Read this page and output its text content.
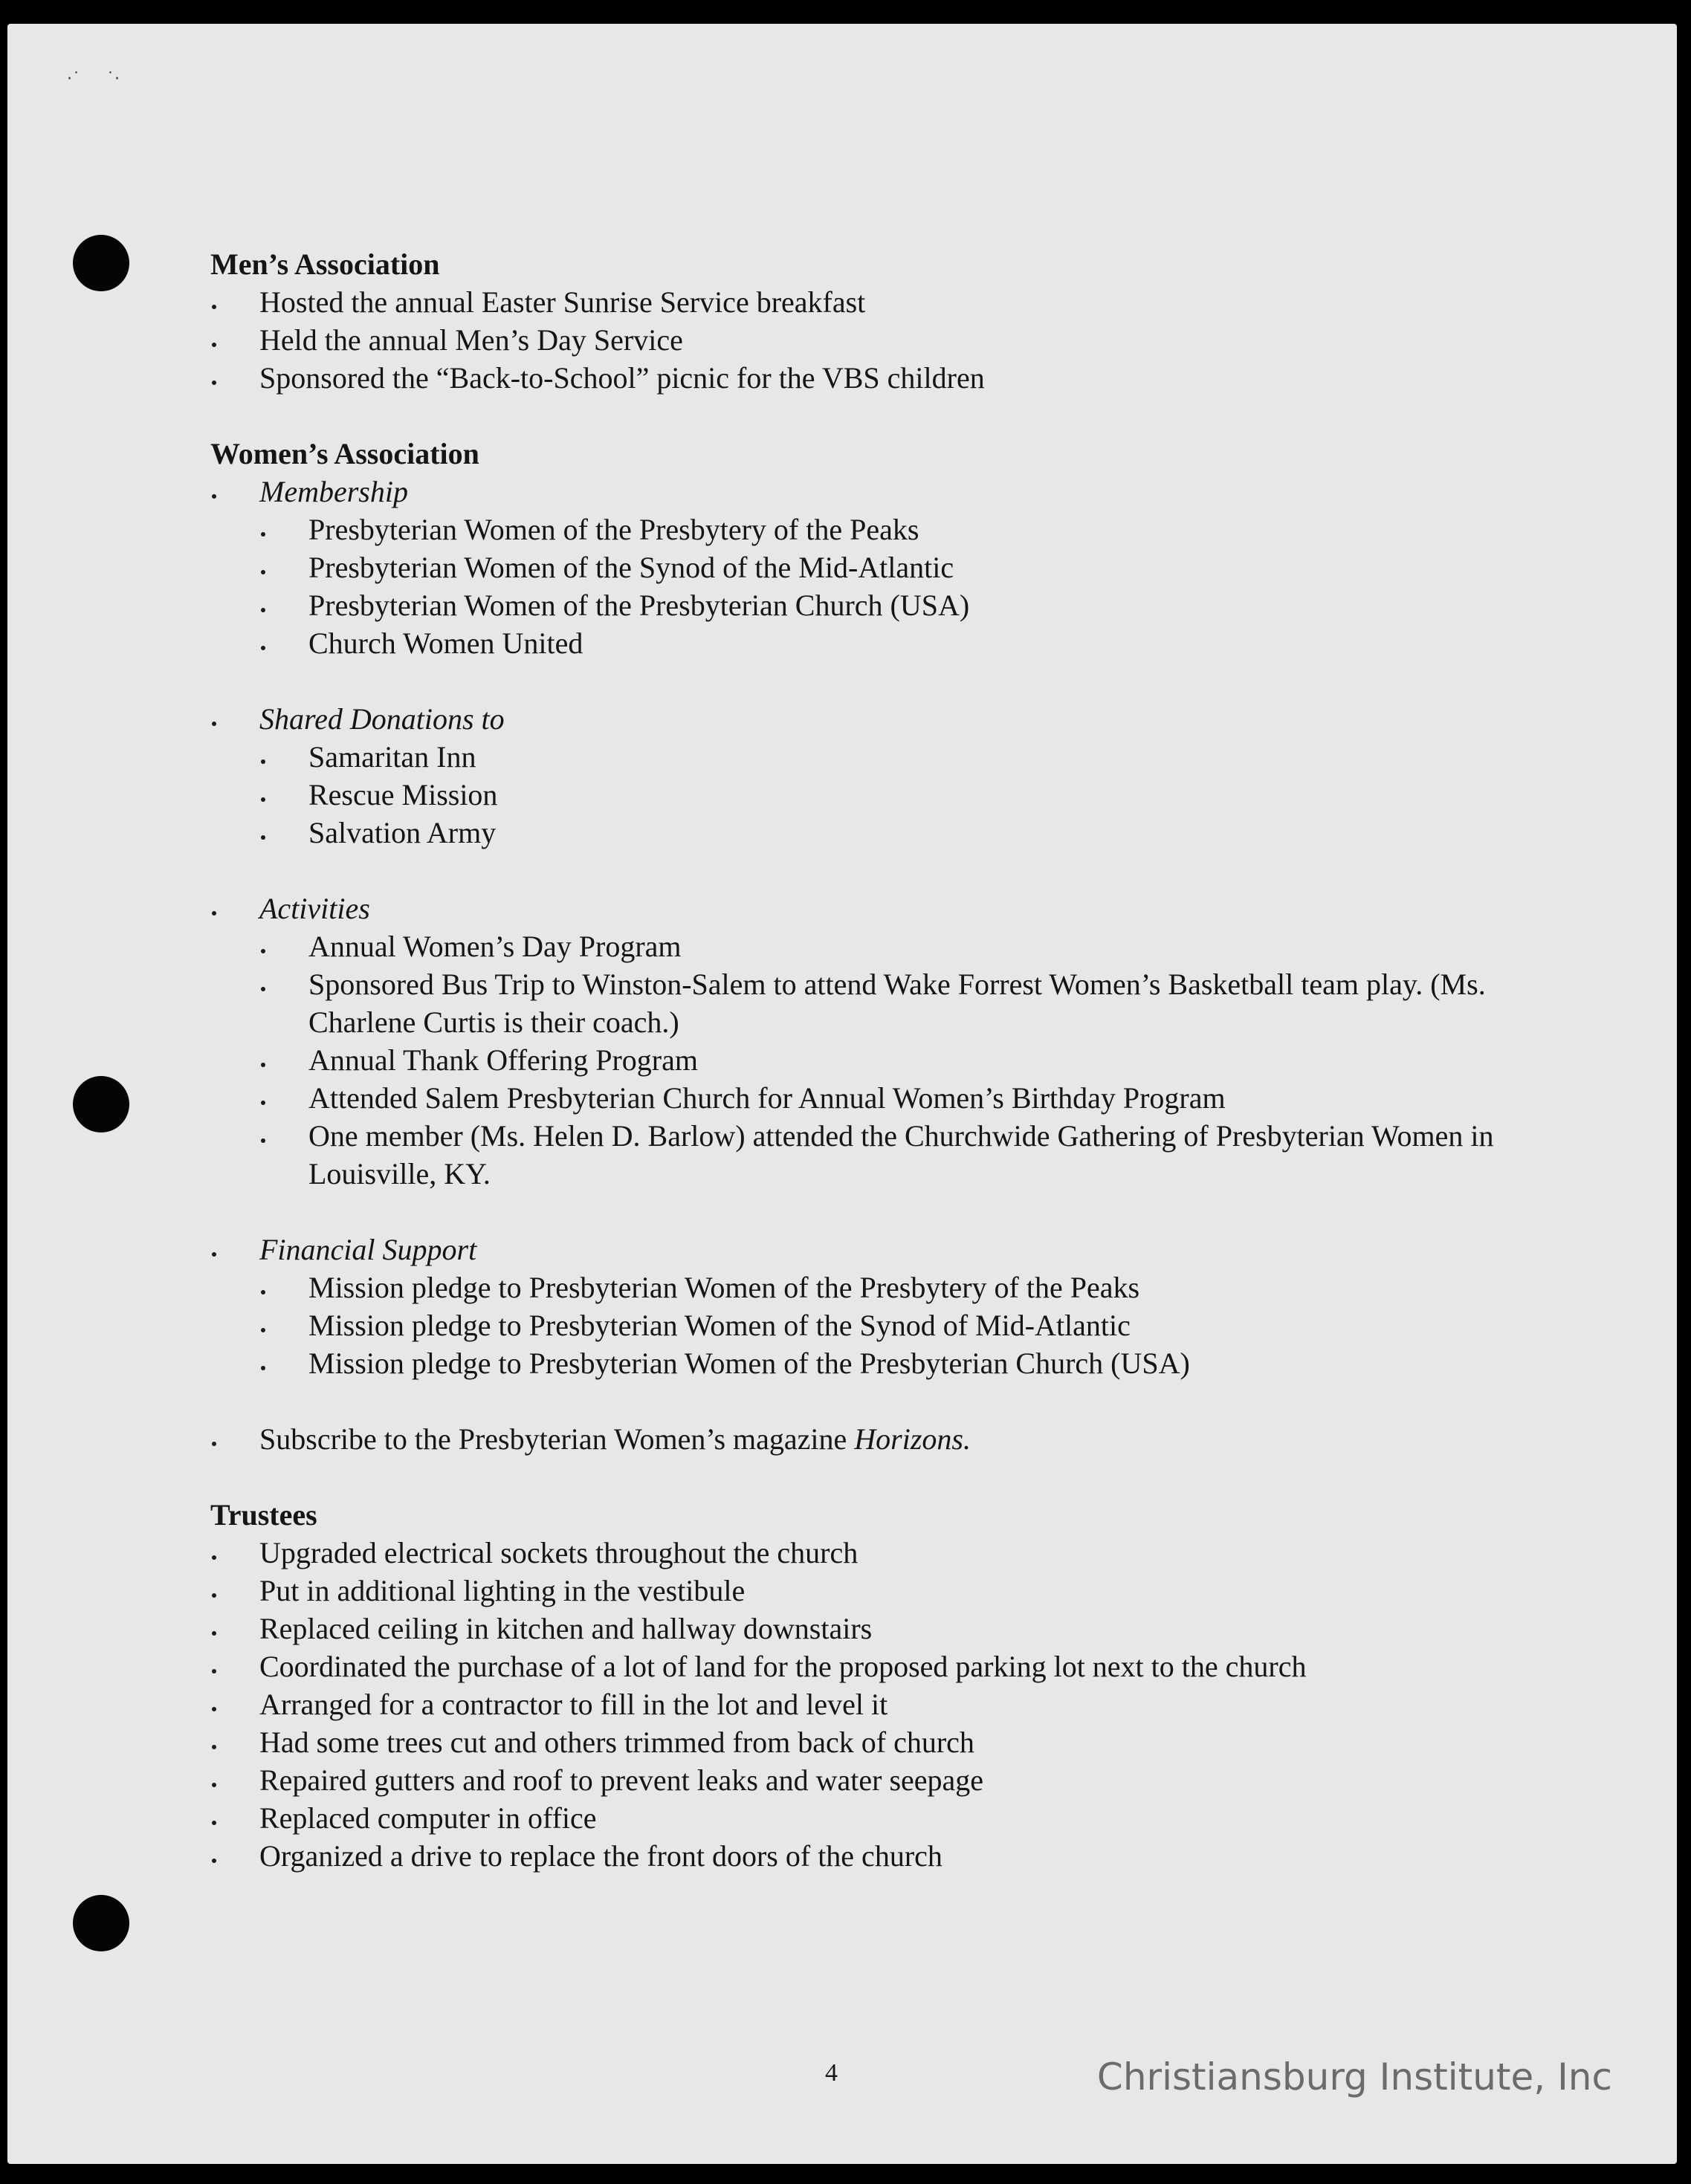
·˙     ˙·

Men’s Association

Hosted the annual Easter Sunrise Service breakfast
Held the annual Men’s Day Service
Sponsored the “Back-to-School” picnic for the VBS children

Women’s Association

Membership
Presbyterian Women of the Presbytery of the Peaks
Presbyterian Women of the Synod of the Mid-Atlantic
Presbyterian Women of the Presbyterian Church (USA)
Church Women United
Shared Donations to
Samaritan Inn
Rescue Mission
Salvation Army
Activities
Annual Women’s Day Program
Sponsored Bus Trip to Winston-Salem to attend Wake Forrest Women’s Basketball team play. (Ms. Charlene Curtis is their coach.)
Annual Thank Offering Program
Attended Salem Presbyterian Church for Annual Women’s Birthday Program
One member (Ms. Helen D. Barlow) attended the Churchwide Gathering of Presbyterian Women in Louisville, KY.
Financial Support
Mission pledge to Presbyterian Women of the Presbytery of the Peaks
Mission pledge to Presbyterian Women of the Synod of Mid-Atlantic
Mission pledge to Presbyterian Women of the Presbyterian Church (USA)
Subscribe to the Presbyterian Women’s magazine Horizons.

Trustees

Upgraded electrical sockets throughout the church
Put in additional lighting in the vestibule
Replaced ceiling in kitchen and hallway downstairs
Coordinated the purchase of a lot of land for the proposed parking lot next to the church
Arranged for a contractor to fill in the lot and level it
Had some trees cut and others trimmed from back of church
Repaired gutters and roof to prevent leaks and water seepage
Replaced computer in office
Organized a drive to replace the front doors of the church
4	Christiansburg Institute, Inc
